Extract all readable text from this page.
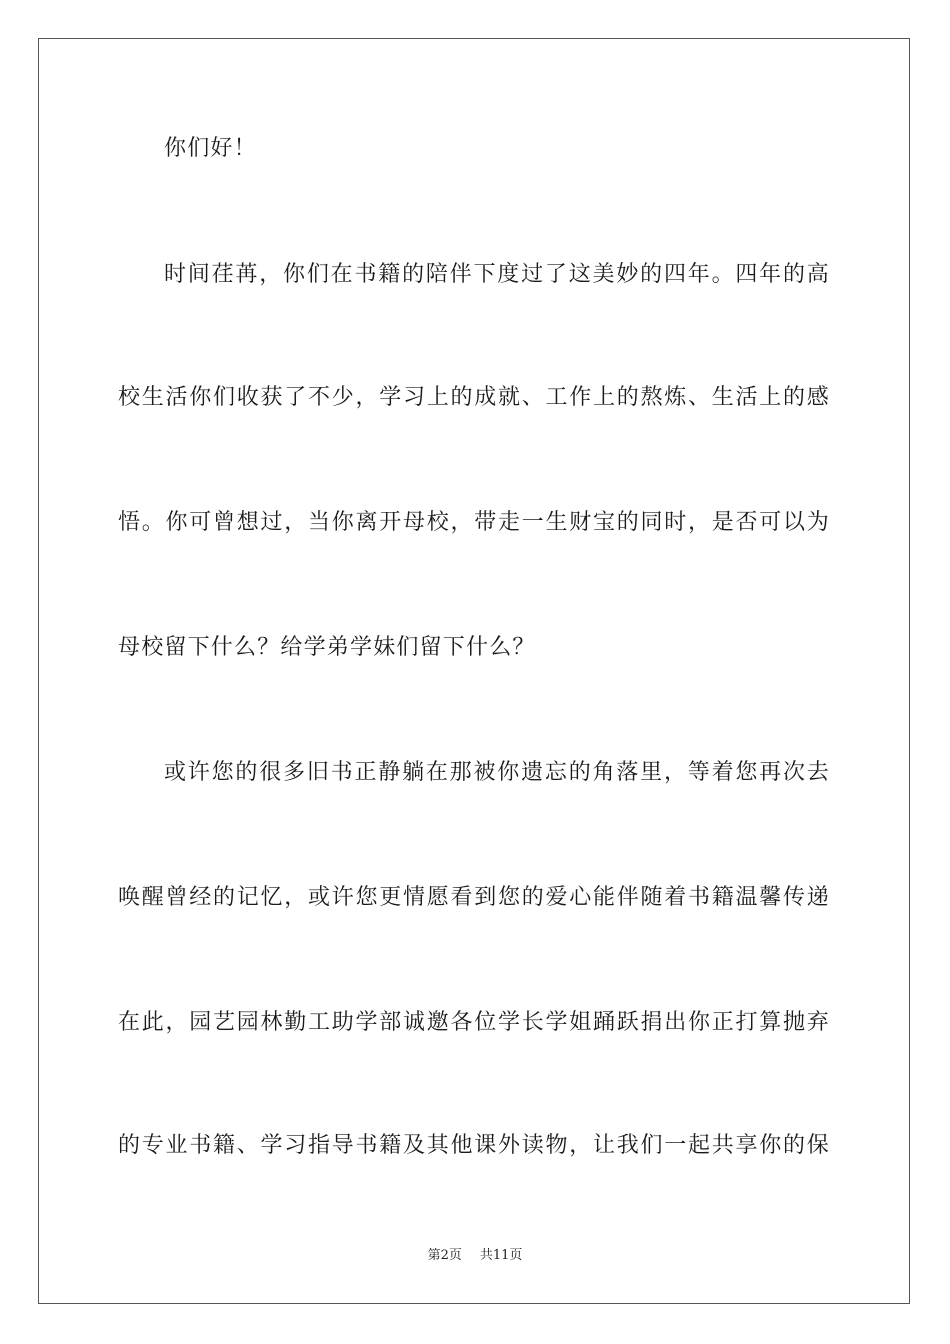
你们好！
时间荏苒，你们在书籍的陪伴下度过了这美妙的四年。四年的高
校生活你们收获了不少，学习上的成就、工作上的熬炼、生活上的感
悟。你可曾想过，当你离开母校，带走一生财宝的同时，是否可以为
母校留下什么？给学弟学妹们留下什么？
或许您的很多旧书正静躺在那被你遗忘的角落里，等着您再次去
唤醒曾经的记忆，或许您更情愿看到您的爱心能伴随着书籍温馨传递
在此，园艺园林勤工助学部诚邀各位学长学姐踊跃捐出你正打算抛弃
的专业书籍、学习指导书籍及其他课外读物，让我们一起共享你的保
第2页 共11页
